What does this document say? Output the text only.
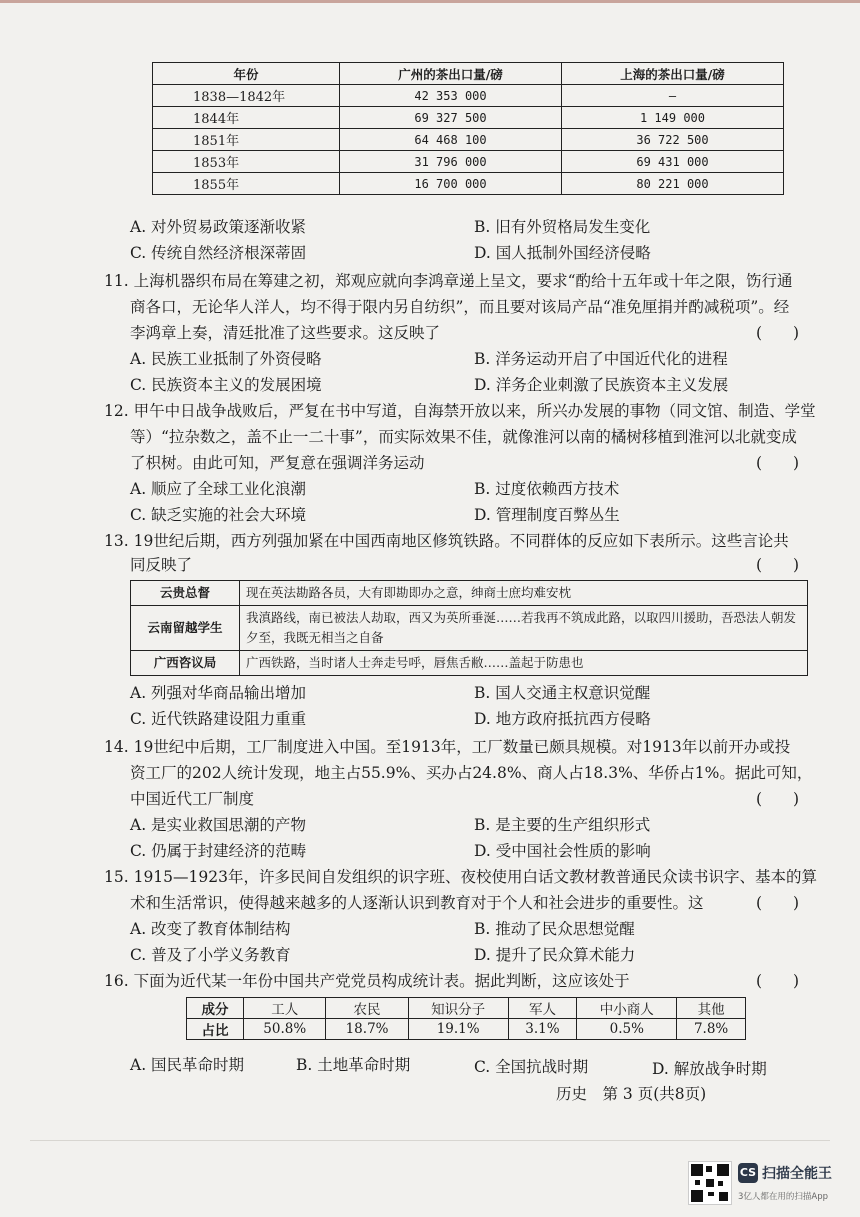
年份	广州的茶出口量/磅	上海的茶出口量/磅
1838—1842年	42 353 000	—
1844年	69 327 500	1 149 000
1851年	64 468 100	36 722 500
1853年	31 796 000	69 431 000
1855年	16 700 000	80 221 000
A. 对外贸易政策逐渐收紧	B. 旧有外贸格局发生变化
C. 传统自然经济根深蒂固	D. 国人抵制外国经济侵略
11. 上海机器织布局在筹建之初，郑观应就向李鸿章递上呈文，要求“酌给十五年或十年之限，饬行通
商各口，无论华人洋人，均不得于限内另自纺织”，而且要对该局产品“准免厘捐并酌减税项”。经
李鸿章上奏，清廷批准了这些要求。这反映了	(　　)
A. 民族工业抵制了外资侵略	B. 洋务运动开启了中国近代化的进程
C. 民族资本主义的发展困境	D. 洋务企业刺激了民族资本主义发展
12. 甲午中日战争战败后，严复在书中写道，自海禁开放以来，所兴办发展的事物（同文馆、制造、学堂
等）“拉杂数之，盖不止一二十事”，而实际效果不佳，就像淮河以南的橘树移植到淮河以北就变成
了枳树。由此可知，严复意在强调洋务运动	(　　)
A. 顺应了全球工业化浪潮	B. 过度依赖西方技术
C. 缺乏实施的社会大环境	D. 管理制度百弊丛生
13. 19世纪后期，西方列强加紧在中国西南地区修筑铁路。不同群体的反应如下表所示。这些言论共
同反映了	(　　)
云贵总督	现在英法勘路各员，大有即勘即办之意，绅商士庶均难安枕
云南留越学生	我滇路线，南已被法人劫取，西又为英所垂涎……若我再不筑成此路，以取四川援助，吾恐法人朝发夕至，我既无相当之自备
广西咨议局	广西铁路，当时诸人士奔走号呼，唇焦舌敝……盖起于防患也
A. 列强对华商品输出增加	B. 国人交通主权意识觉醒
C. 近代铁路建设阻力重重	D. 地方政府抵抗西方侵略
14. 19世纪中后期，工厂制度进入中国。至1913年，工厂数量已颇具规模。对1913年以前开办或投
资工厂的202人统计发现，地主占55.9%、买办占24.8%、商人占18.3%、华侨占1%。据此可知，
中国近代工厂制度	(　　)
A. 是实业救国思潮的产物	B. 是主要的生产组织形式
C. 仍属于封建经济的范畴	D. 受中国社会性质的影响
15. 1915—1923年，许多民间自发组织的识字班、夜校使用白话文教材教普通民众读书识字、基本的算
术和生活常识，使得越来越多的人逐渐认识到教育对于个人和社会进步的重要性。这	(　　)
A. 改变了教育体制结构	B. 推动了民众思想觉醒
C. 普及了小学义务教育	D. 提升了民众算术能力
16. 下面为近代某一年份中国共产党党员构成统计表。据此判断，这应该处于	(　　)
成分	工人	农民	知识分子	军人	中小商人	其他
占比	50.8%	18.7%	19.1%	3.1%	0.5%	7.8%
A. 国民革命时期	B. 土地革命时期	C. 全国抗战时期	D. 解放战争时期
历史　第 3 页(共8页)
CS 扫描全能王
3亿人都在用的扫描App
